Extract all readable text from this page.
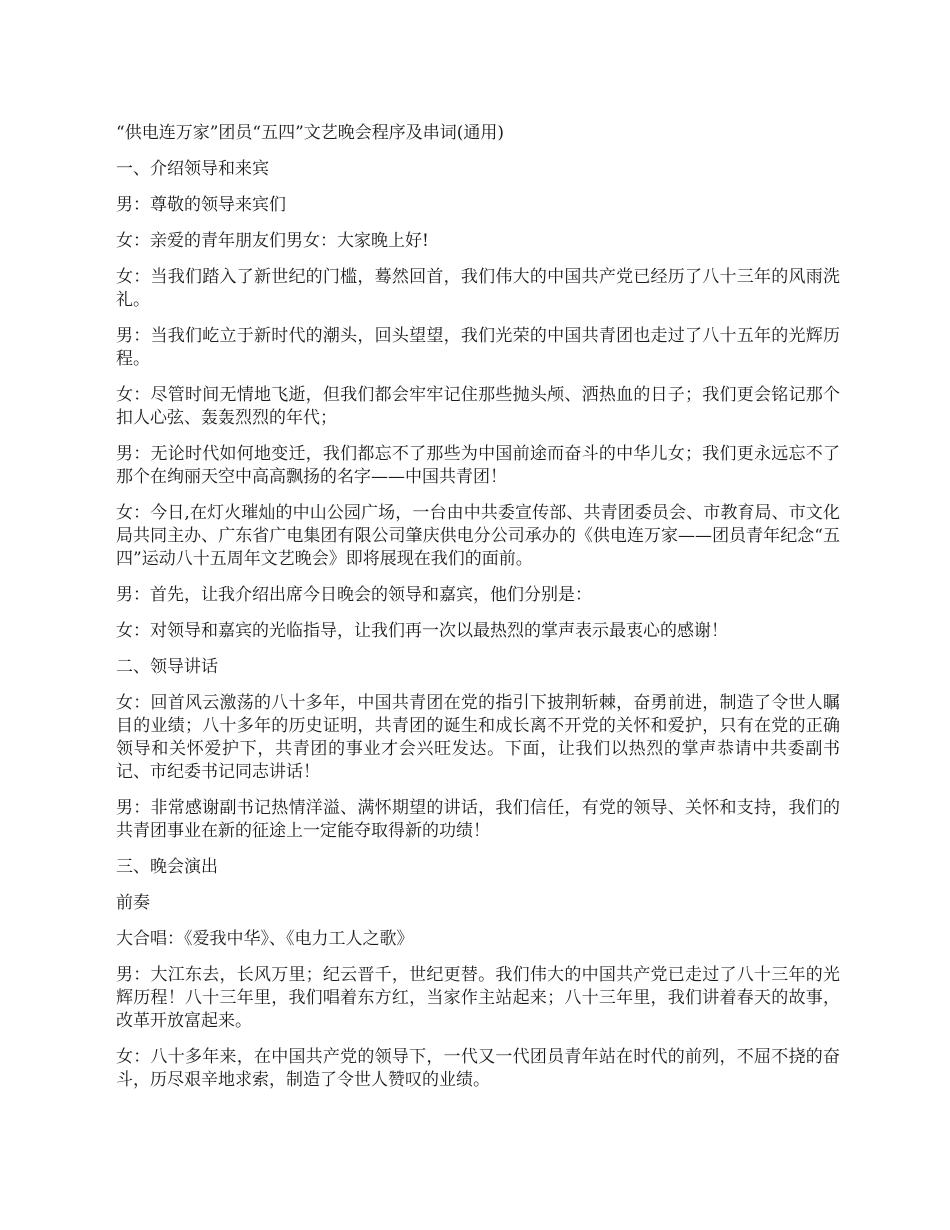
“供电连万家”团员“五四”文艺晚会程序及串词(通用)

一、介绍领导和来宾

男：尊敬的领导来宾们

女：亲爱的青年朋友们男女：大家晚上好!

女：当我们踏入了新世纪的门槛，蓦然回首，我们伟大的中国共产党已经历了八十三年的风雨洗礼。

男：当我们屹立于新时代的潮头，回头望望，我们光荣的中国共青团也走过了八十五年的光辉历程。

女：尽管时间无情地飞逝，但我们都会牢牢记住那些抛头颅、洒热血的日子；我们更会铭记那个扣人心弦、轰轰烈烈的年代；

男：无论时代如何地变迁，我们都忘不了那些为中国前途而奋斗的中华儿女；我们更永远忘不了那个在绚丽天空中高高飘扬的名字——中国共青团！

女：今日,在灯火璀灿的中山公园广场，一台由中共委宣传部、共青团委员会、市教育局、市文化局共同主办、广东省广电集团有限公司肇庆供电分公司承办的《供电连万家——团员青年纪念“五四”运动八十五周年文艺晚会》即将展现在我们的面前。

男：首先，让我介绍出席今日晚会的领导和嘉宾，他们分别是：

女：对领导和嘉宾的光临指导，让我们再一次以最热烈的掌声表示最衷心的感谢！

二、领导讲话

女：回首风云激荡的八十多年，中国共青团在党的指引下披荆斩棘，奋勇前进，制造了令世人瞩目的业绩；八十多年的历史证明，共青团的诞生和成长离不开党的关怀和爱护，只有在党的正确领导和关怀爱护下，共青团的事业才会兴旺发达。下面，让我们以热烈的掌声恭请中共委副书记、市纪委书记同志讲话！

男：非常感谢副书记热情洋溢、满怀期望的讲话，我们信任，有党的领导、关怀和支持，我们的共青团事业在新的征途上一定能夺取得新的功绩！

三、晚会演出

前奏

大合唱：《爱我中华》、《电力工人之歌》

男：大江东去，长风万里；纪云晋千，世纪更替。我们伟大的中国共产党已走过了八十三年的光辉历程！八十三年里，我们唱着东方红，当家作主站起来；八十三年里，我们讲着春天的故事，改革开放富起来。

女：八十多年来，在中国共产党的领导下，一代又一代团员青年站在时代的前列，不屈不挠的奋斗，历尽艰辛地求索，制造了令世人赞叹的业绩。
